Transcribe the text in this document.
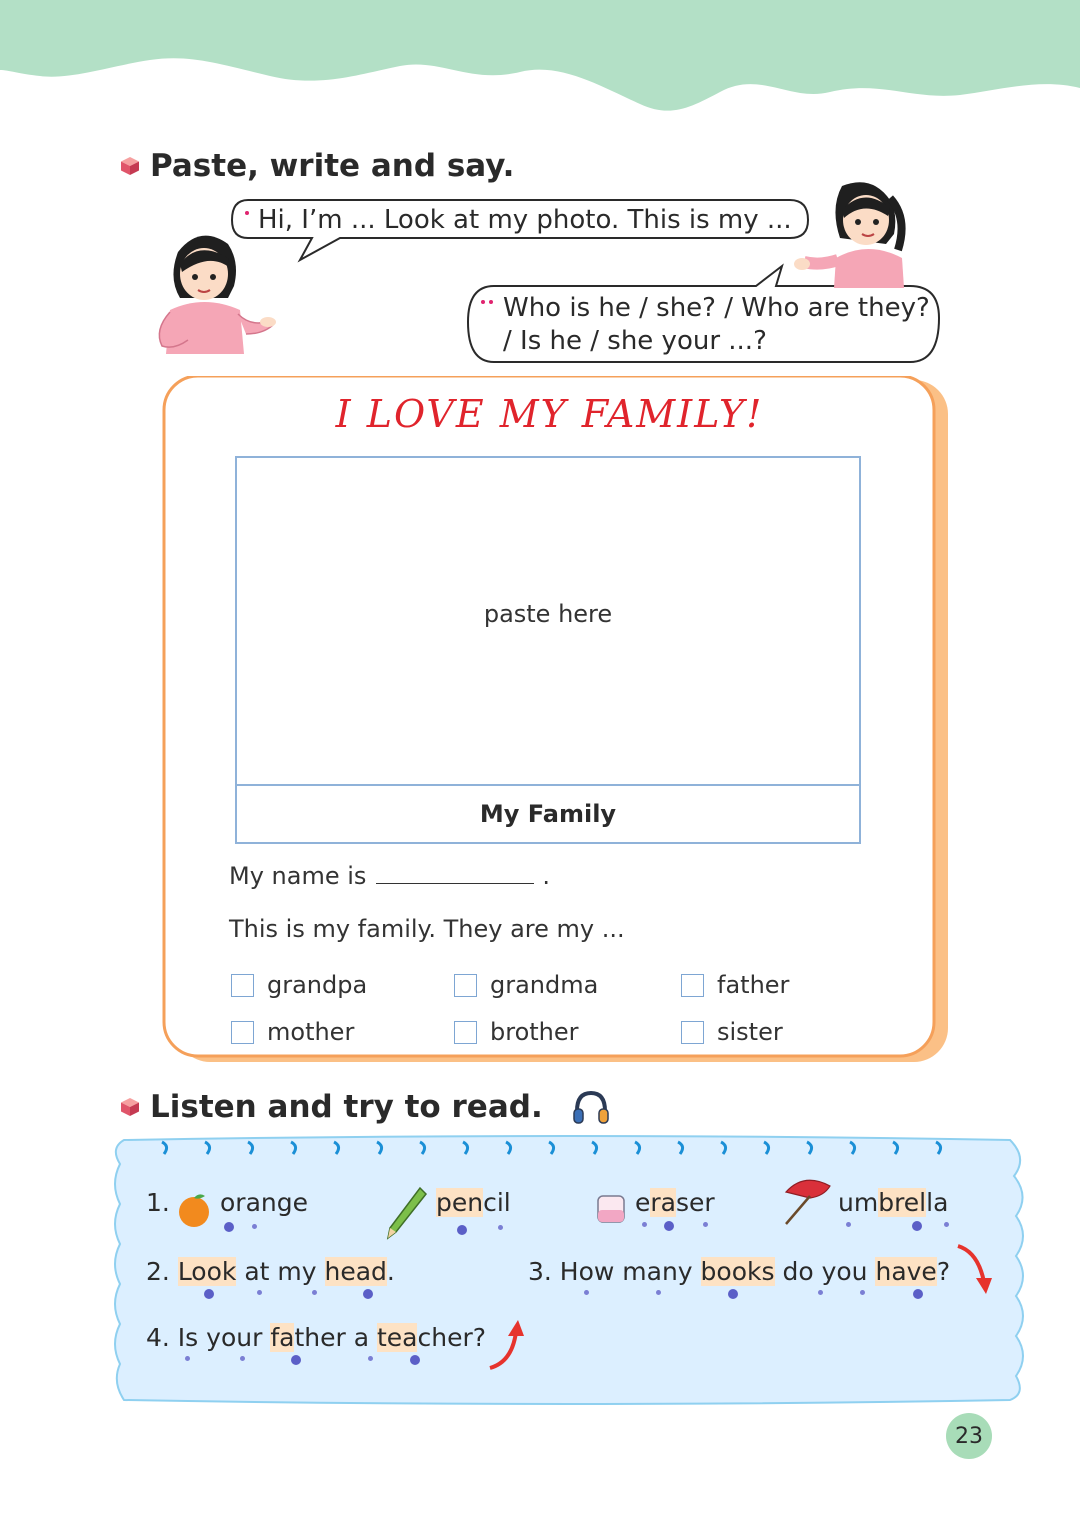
Paste, write and say.
Hi, I’m ... Look at my photo. This is my ...
Who is he / she? / Who are they?
/ Is he / she your ...?
I LOVE MY FAMILY!
paste here
My Family
My name is	.
This is my family. They are my ...
grandpa	grandma	father
mother	brother	sister
Listen and try to read.
1. orange	pencil	eraser	umbrella
2. Look at my head.	3. How many books do you have?
4. Is your father a teacher?
23
